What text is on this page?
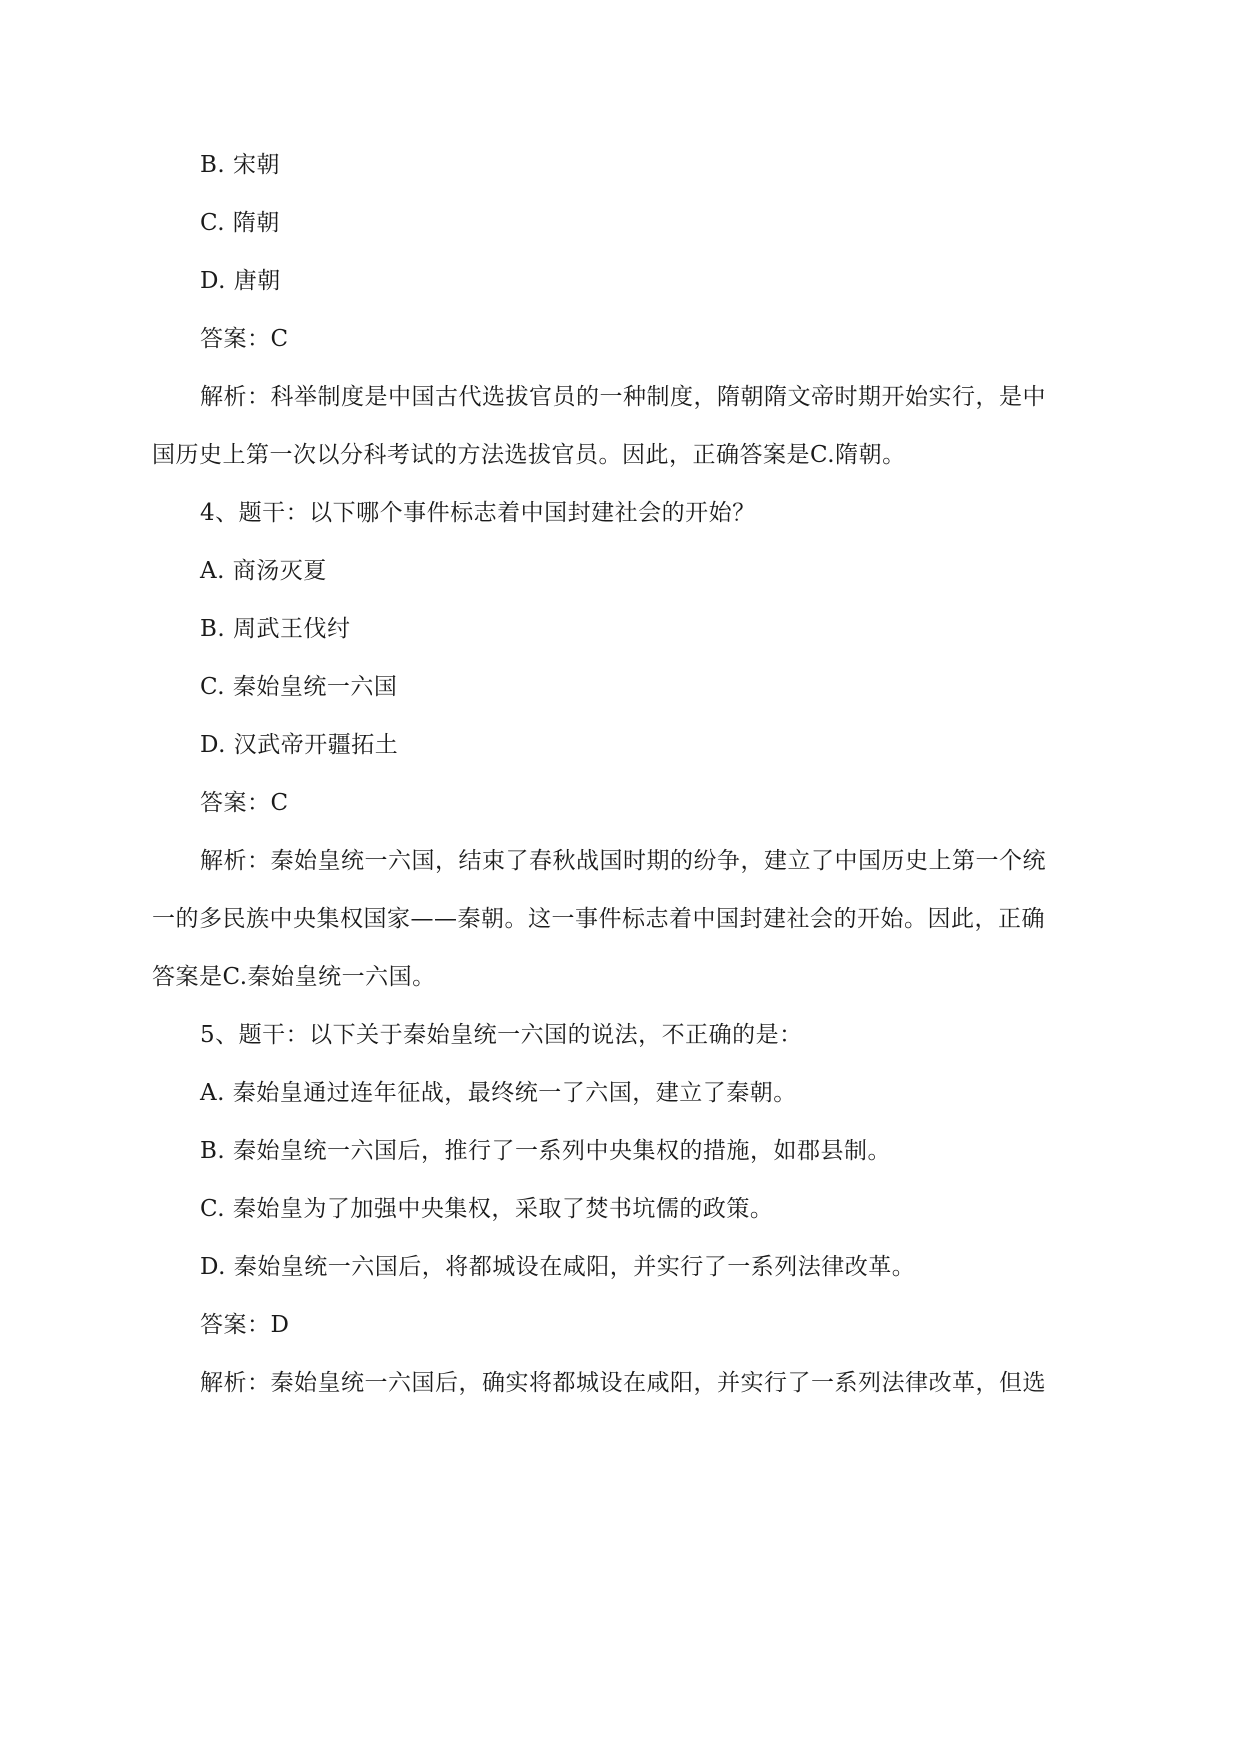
B. 宋朝
C. 隋朝
D. 唐朝
答案：C
解析：科举制度是中国古代选拔官员的一种制度，隋朝隋文帝时期开始实行，是中
国历史上第一次以分科考试的方法选拔官员。因此，正确答案是C.隋朝。
4、题干：以下哪个事件标志着中国封建社会的开始？
A. 商汤灭夏
B. 周武王伐纣
C. 秦始皇统一六国
D. 汉武帝开疆拓土
答案：C
解析：秦始皇统一六国，结束了春秋战国时期的纷争，建立了中国历史上第一个统
一的多民族中央集权国家——秦朝。这一事件标志着中国封建社会的开始。因此，正确
答案是C.秦始皇统一六国。
5、题干：以下关于秦始皇统一六国的说法，不正确的是：
A. 秦始皇通过连年征战，最终统一了六国，建立了秦朝。
B. 秦始皇统一六国后，推行了一系列中央集权的措施，如郡县制。
C. 秦始皇为了加强中央集权，采取了焚书坑儒的政策。
D. 秦始皇统一六国后，将都城设在咸阳，并实行了一系列法律改革。
答案：D
解析：秦始皇统一六国后，确实将都城设在咸阳，并实行了一系列法律改革，但选
